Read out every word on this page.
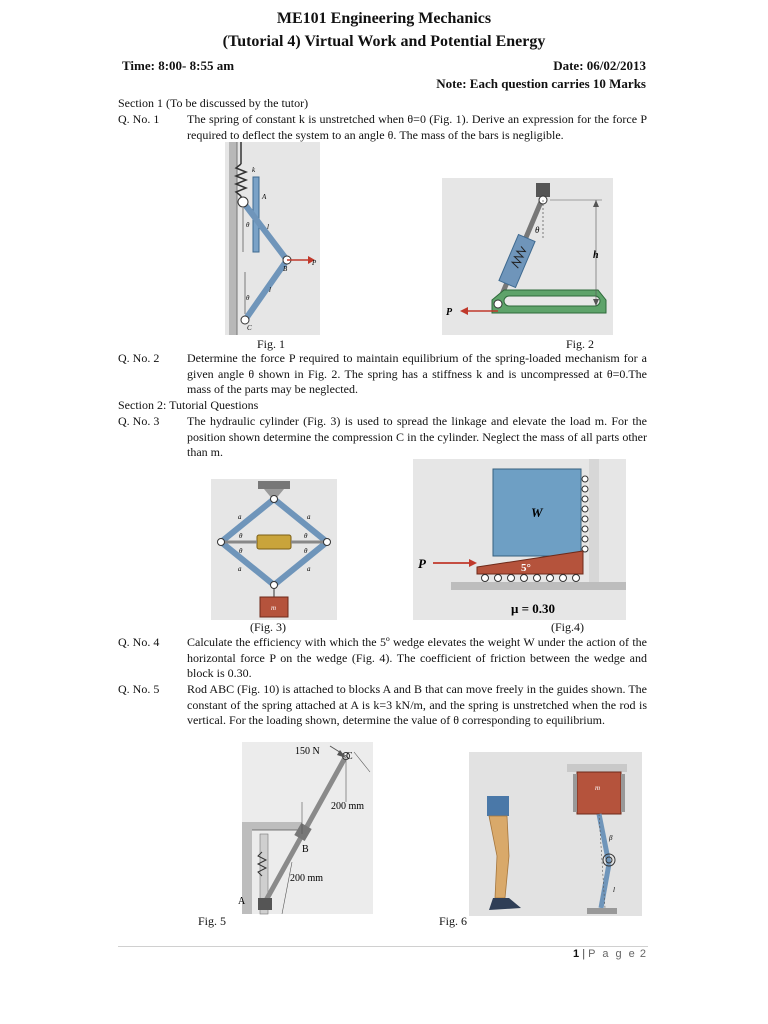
ME101 Engineering Mechanics
(Tutorial 4) Virtual Work and Potential Energy
Time: 8:00- 8:55 am	Date: 06/02/2013
Note: Each question carries 10 Marks
Section 1 (To be discussed by the tutor)
Q. No. 1 The spring of constant k is unstretched when θ=0 (Fig. 1). Derive an expression for the force P required to deflect the system to an angle θ. The mass of the bars is negligible.
k
A
θ	l
B
P
θ
l
C
θ
h
P
Fig. 1	Fig. 2
Q. No. 2 Determine the force P required to maintain equilibrium of the spring-loaded mechanism for a given angle θ shown in Fig. 2. The spring has a stiffness k and is uncompressed at θ=0.The mass of the parts may be neglected.
Section 2: Tutorial Questions
Q. No. 3 The hydraulic cylinder (Fig. 3) is used to spread the linkage and elevate the load m. For the position shown determine the compression C in the cylinder. Neglect the mass of all parts other than m.
a	a
θ	θ
θ	θ
a	a
m
W
P	5°
μ = 0.30
(Fig. 3)	(Fig.4)
Q. No. 4 Calculate the efficiency with which the 5º wedge elevates the weight W under the action of the horizontal force P on the wedge (Fig. 4). The coefficient of friction between the wedge and block is 0.30.
Q. No. 5 Rod ABC (Fig. 10) is attached to blocks A and B that can move freely in the guides shown. The constant of the spring attached at A is k=3 kN/m, and the spring is unstretched when the rod is vertical. For the loading shown, determine the value of θ corresponding to equilibrium.
150 N	C
200 mm
B
200 mm
A
m
β
l
Fig. 5	Fig. 6
1 | P a g e 2
